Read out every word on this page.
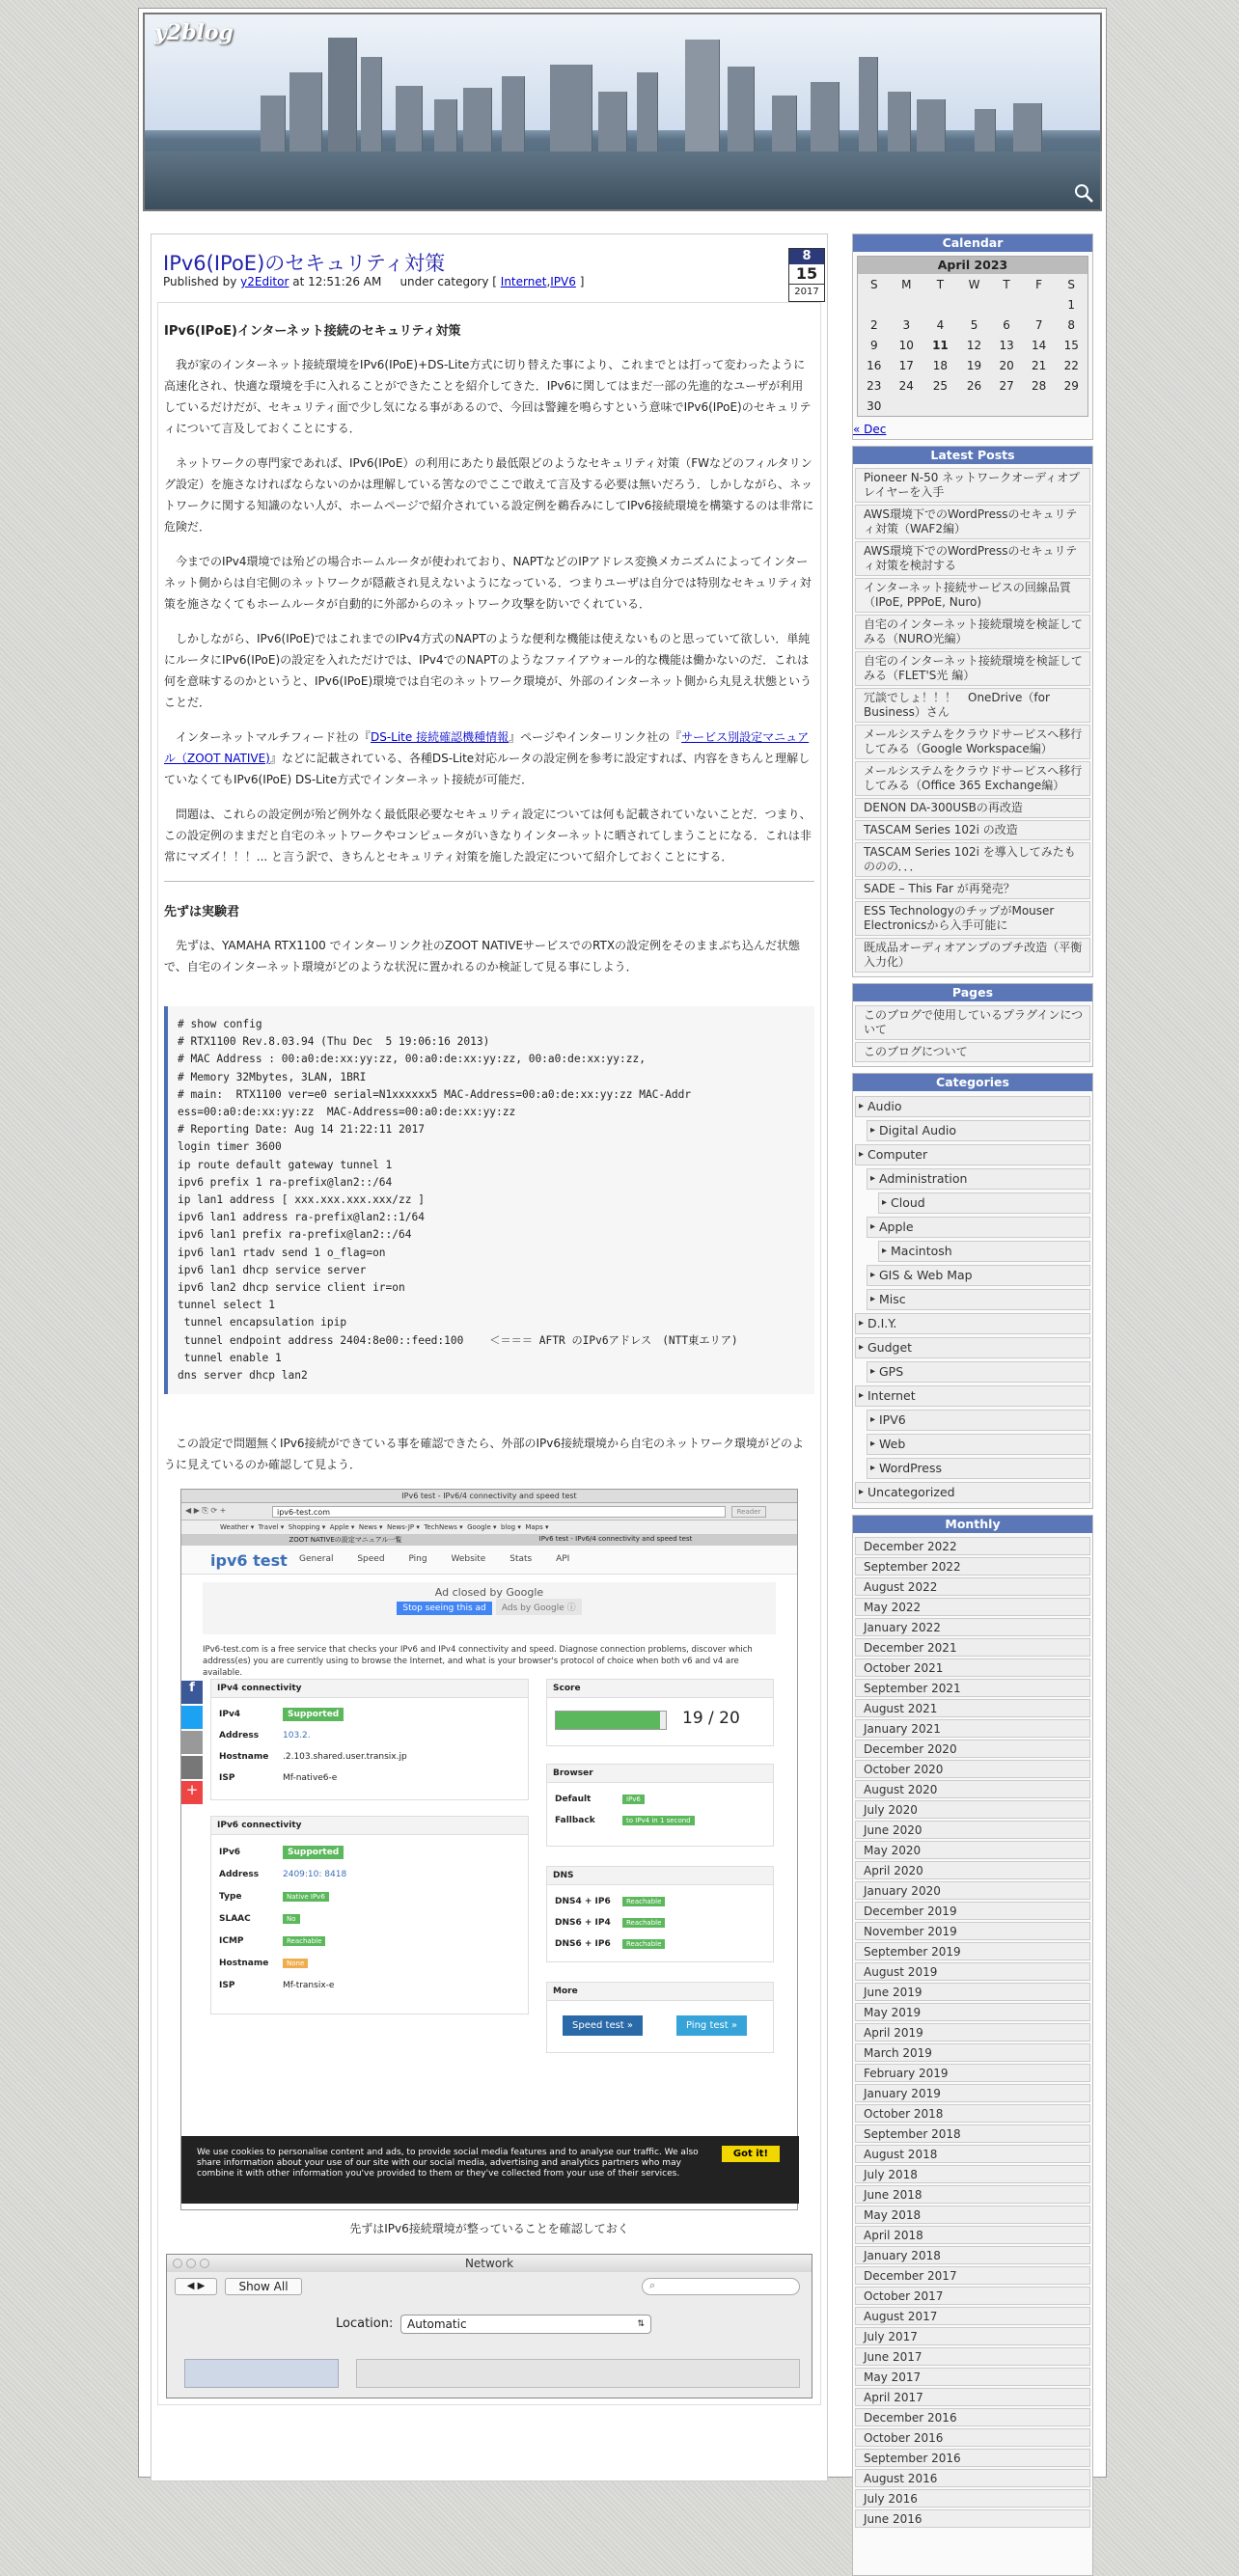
y2blog
IPv6(IPoE)のセキュリティ対策
Published by y2Editor at 12:51:26 AM under category [ Internet,IPV6 ]
8
15
2017
IPv6(IPoE)インターネット接続のセキュリティ対策

我が家のインターネット接続環境をIPv6(IPoE)+DS-Lite方式に切り替えた事により、これまでとは打って変わったように高速化され、快適な環境を手に入れることができたことを紹介してきた．IPv6に関してはまだ一部の先進的なユーザが利用しているだけだが、セキュリティ面で少し気になる事があるので、今回は警鐘を鳴らすという意味でIPv6(IPoE)のセキュリティについて言及しておくことにする．

ネットワークの専門家であれば、IPv6(IPoE）の利用にあたり最低限どのようなセキュリティ対策（FWなどのフィルタリング設定）を施さなければならないのかは理解している筈なのでここで敢えて言及する必要は無いだろう．しかしながら、ネットワークに関する知識のない人が、ホームページで紹介されている設定例を鵜呑みにしてIPv6接続環境を構築するのは非常に危険だ．

今までのIPv4環境では殆どの場合ホームルータが使われており、NAPTなどのIPアドレス変換メカニズムによってインターネット側からは自宅側のネットワークが隠蔽され見えないようになっている．つまりユーザは自分では特別なセキュリティ対策を施さなくてもホームルータが自動的に外部からのネットワーク攻撃を防いでくれている．

しかしながら、IPv6(IPoE)ではこれまでのIPv4方式のNAPTのような便利な機能は使えないものと思っていて欲しい．単純にルータにIPv6(IPoE)の設定を入れただけでは、IPv4でのNAPTのようなファイアウォール的な機能は働かないのだ．これは何を意味するのかというと、IPv6(IPoE)環境では自宅のネットワーク環境が、外部のインターネット側から丸見え状態ということだ．

インターネットマルチフィード社の『DS-Lite 接続確認機種情報』ページやインターリンク社の『サービス別設定マニュアル（ZOOT NATIVE)』などに記載されている、各種DS-Lite対応ルータの設定例を参考に設定すれば、内容をきちんと理解していなくてもIPv6(IPoE) DS-Lite方式でインターネット接続が可能だ．

問題は、これらの設定例が殆ど例外なく最低限必要なセキュリティ設定については何も記載されていないことだ．つまり、この設定例のままだと自宅のネットワークやコンピュータがいきなりインターネットに晒されてしまうことになる．これは非常にマズイ！！！... と言う訳で、きちんとセキュリティ対策を施した設定について紹介しておくことにする．

先ずは実験君

先ずは、YAMAHA RTX1100 でインターリンク社のZOOT NATIVEサービスでのRTXの設定例をそのままぶち込んだ状態で、自宅のインターネット環境がどのような状況に置かれるのか検証して見る事にしよう．

# show config
# RTX1100 Rev.8.03.94 (Thu Dec  5 19:06:16 2013)
# MAC Address : 00:a0:de:xx:yy:zz, 00:a0:de:xx:yy:zz, 00:a0:de:xx:yy:zz,
# Memory 32Mbytes, 3LAN, 1BRI
# main:  RTX1100 ver=e0 serial=N1xxxxxx5 MAC-Address=00:a0:de:xx:yy:zz MAC-Addr
ess=00:a0:de:xx:yy:zz  MAC-Address=00:a0:de:xx:yy:zz
# Reporting Date: Aug 14 21:22:11 2017
login timer 3600
ip route default gateway tunnel 1
ipv6 prefix 1 ra-prefix@lan2::/64
ip lan1 address [ xxx.xxx.xxx.xxx/zz ]
ipv6 lan1 address ra-prefix@lan2::1/64
ipv6 lan1 prefix ra-prefix@lan2::/64
ipv6 lan1 rtadv send 1 o_flag=on
ipv6 lan1 dhcp service server
ipv6 lan2 dhcp service client ir=on
tunnel select 1
tunnel encapsulation ipip
tunnel endpoint address 2404:8e00::feed:100    ＜＝＝＝ AFTR のIPv6アドレス　(NTT東エリア)
tunnel enable 1
dns server dhcp lan2

この設定で問題無くIPv6接続ができている事を確認できたら、外部のIPv6接続環境から自宅のネットワーク環境がどのように見えているのか確認して見よう．

IPv6 test - IPv6/4 connectivity and speed test
◀ ▶ ⎘ ⟳ +	ipv6-test.com	Reader
Weather ▾ Travel ▾ Shopping ▾ Apple ▾ News ▾ News-JP ▾ TechNews ▾ Google ▾ blog ▾ Maps ▾
ZOOT NATIVEの設定マニュアル一覧	IPv6 test - IPv6/4 connectivity and speed test
ipv6 test General	Speed	Ping	Website	Stats	API
Ad closed by Google
Stop seeing this ad Ads by Google ⓘ
IPv6-test.com is a free service that checks your IPv6 and IPv4 connectivity and speed. Diagnose connection problems, discover which address(es) you are currently using to browse the Internet, and what is your browser's protocol of choice when both v6 and v4 are available.
f
+
IPv4 connectivity
IPv4	Supported
Address	103.2.
Hostname	.2.103.shared.user.transix.jp
ISP	Mf-native6-e
IPv6 connectivity
IPv6	Supported
Address	2409:10: 8418
Type	Native IPv6
SLAAC	No
ICMP	Reachable
Hostname	None
ISP	Mf-transix-e
Score
19 / 20
Browser
Default	IPv6
Fallback	to IPv4 in 1 second
DNS
DNS4 + IP6	Reachable
DNS6 + IP4	Reachable
DNS6 + IP6	Reachable
More
Speed test »	Ping test »
We use cookies to personalise content and ads, to provide social media features and to analyse our traffic. We also share information about your use of our site with our social media, advertising and analytics partners who may combine it with other information you've provided to them or they've collected from your use of their services.
Got it!
先ずはIPv6接続環境が整っていることを確認しておく
Network
◀ ▶	Show All	⌕
Location:	Automatic	⇅
Calendar
April 2023
S	M	T	W	T	F	S
						1
2	3	4	5	6	7	8
9	10	11	12	13	14	15
16	17	18	19	20	21	22
23	24	25	26	27	28	29
30						
« Dec
Latest Posts
Pioneer N-50 ネットワークオーディオプレイヤーを入手
AWS環境下でのWordPressのセキュリティ対策（WAF2編）
AWS環境下でのWordPressのセキュリティ対策を検討する
インターネット接続サービスの回線品質（IPoE, PPPoE, Nuro)
自宅のインターネット接続環境を検証してみる（NURO光編）
自宅のインターネット接続環境を検証してみる（FLET'S光 編）
冗談でしょ！！！　OneDrive（for Business）さん
メールシステムをクラウドサービスへ移行してみる（Google Workspace編）
メールシステムをクラウドサービスへ移行してみる（Office 365 Exchange編）
DENON DA-300USBの再改造
TASCAM Series 102i の改造
TASCAM Series 102i を導入してみたもののの．．．
SADE – This Far が再発売？
ESS TechnologyのチップがMouser Electronicsから入手可能に
既成品オーディオアンプのプチ改造（平衡入力化）
Pages
このブログで使用しているプラグインについて
このブログについて
Categories
▸ Audio
▸ Digital Audio
▸ Computer
▸ Administration
▸ Cloud
▸ Apple
▸ Macintosh
▸ GIS & Web Map
▸ Misc
▸ D.I.Y.
▸ Gudget
▸ GPS
▸ Internet
▸ IPV6
▸ Web
▸ WordPress
▸ Uncategorized
Monthly
December 2022
September 2022
August 2022
May 2022
January 2022
December 2021
October 2021
September 2021
August 2021
January 2021
December 2020
October 2020
August 2020
July 2020
June 2020
May 2020
April 2020
January 2020
December 2019
November 2019
September 2019
August 2019
June 2019
May 2019
April 2019
March 2019
February 2019
January 2019
October 2018
September 2018
August 2018
July 2018
June 2018
May 2018
April 2018
January 2018
December 2017
October 2017
August 2017
July 2017
June 2017
May 2017
April 2017
December 2016
October 2016
September 2016
August 2016
July 2016
June 2016
